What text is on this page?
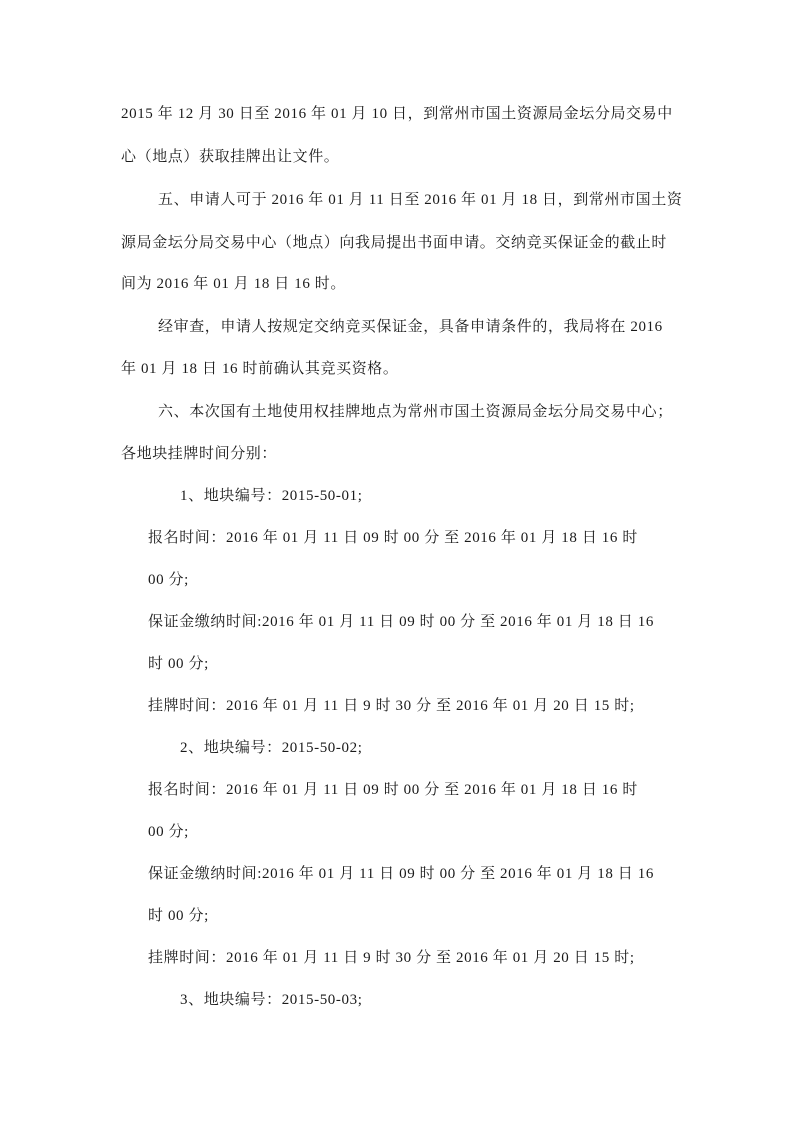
2015 年 12 月 30 日至 2016 年 01 月 10 日，到常州市国土资源局金坛分局交易中
心（地点）获取挂牌出让文件。
五、申请人可于 2016 年 01 月 11 日至 2016 年 01 月 18 日，到常州市国土资
源局金坛分局交易中心（地点）向我局提出书面申请。交纳竞买保证金的截止时
间为 2016 年 01 月 18 日 16 时。
经审查，申请人按规定交纳竞买保证金，具备申请条件的，我局将在 2016
年 01 月 18 日 16 时前确认其竞买资格。
六、本次国有土地使用权挂牌地点为常州市国土资源局金坛分局交易中心；
各地块挂牌时间分别：
1、地块编号：2015-50-01;
报名时间：2016 年 01 月 11 日 09 时 00 分 至 2016 年 01 月 18 日 16 时
00 分;
保证金缴纳时间:2016 年 01 月 11 日 09 时 00 分 至 2016 年 01 月 18 日 16
时 00 分;
挂牌时间：2016 年 01 月 11 日 9 时 30 分 至 2016 年 01 月 20 日 15 时;
2、地块编号：2015-50-02;
报名时间：2016 年 01 月 11 日 09 时 00 分 至 2016 年 01 月 18 日 16 时
00 分;
保证金缴纳时间:2016 年 01 月 11 日 09 时 00 分 至 2016 年 01 月 18 日 16
时 00 分;
挂牌时间：2016 年 01 月 11 日 9 时 30 分 至 2016 年 01 月 20 日 15 时;
3、地块编号：2015-50-03;
